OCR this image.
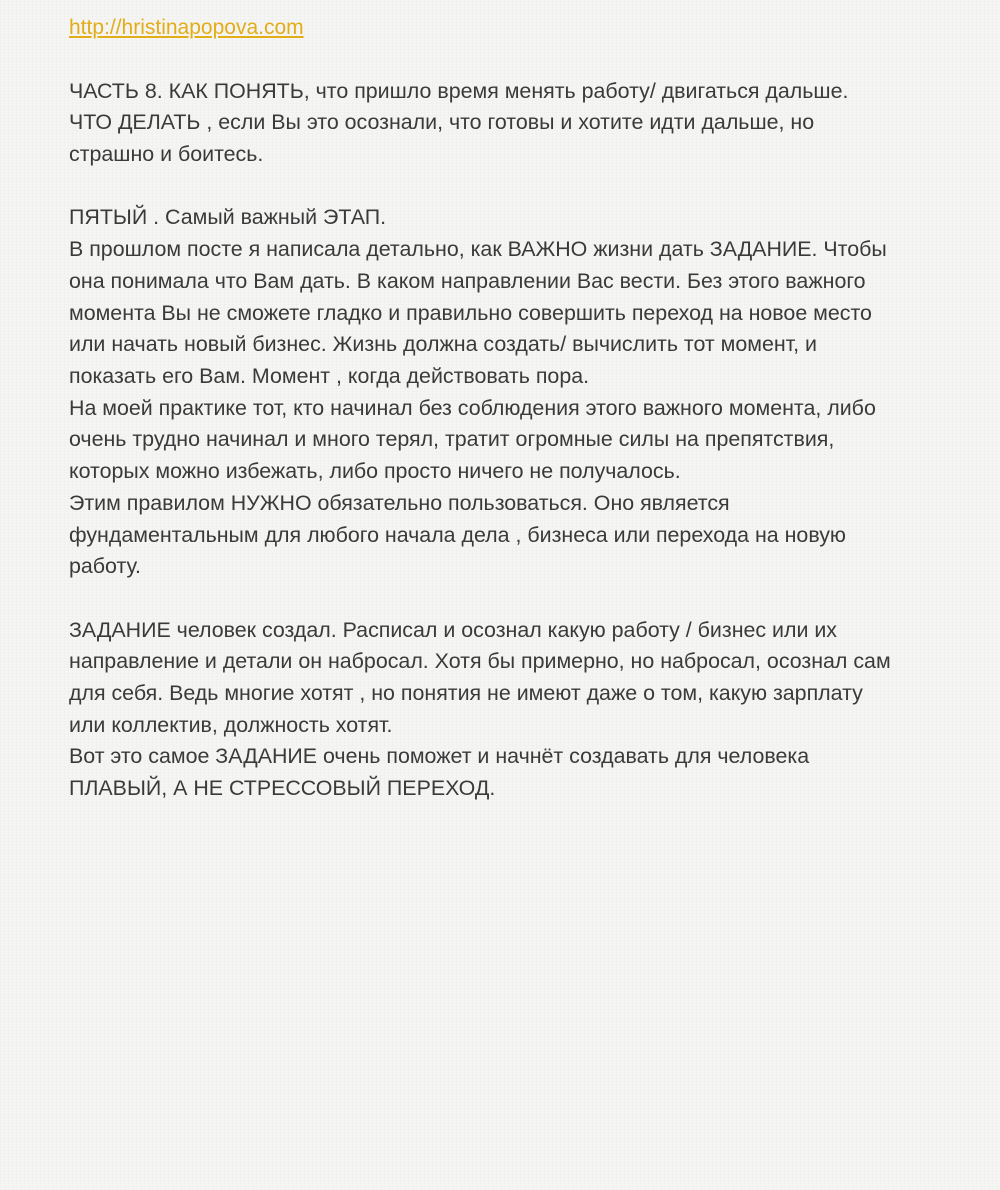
http://hristinapopova.com

ЧАСТЬ 8. КАК ПОНЯТЬ, что пришло время менять работу/ двигаться дальше.

ЧТО ДЕЛАТЬ , если Вы это осознали, что готовы и хотите идти дальше, но

страшно и боитесь.

ПЯТЫЙ . Самый важный ЭТАП.

В прошлом посте я написала детально, как ВАЖНО жизни дать ЗАДАНИЕ. Чтобы

она понимала что Вам дать. В каком направлении Вас вести. Без этого важного

момента Вы не сможете гладко и правильно совершить переход на новое место

или начать новый бизнес. Жизнь должна создать/ вычислить тот момент, и

показать его Вам. Момент , когда действовать пора.

На моей практике тот, кто начинал без соблюдения этого важного момента, либо

очень трудно начинал и много терял, тратит огромные силы на препятствия,

которых можно избежать, либо просто ничего не получалось.

Этим правилом НУЖНО обязательно пользоваться. Оно является

фундаментальным для любого начала дела , бизнеса или перехода на новую

работу.

ЗАДАНИЕ человек создал. Расписал и осознал какую работу / бизнес или их

направление и детали он набросал. Хотя бы примерно, но набросал, осознал сам

для себя. Ведь многие хотят , но понятия не имеют даже о том, какую зарплату

или коллектив, должность хотят.

Вот это самое ЗАДАНИЕ очень поможет и начнёт создавать для человека

ПЛАВЫЙ, А НЕ СТРЕССОВЫЙ ПЕРЕХОД.
